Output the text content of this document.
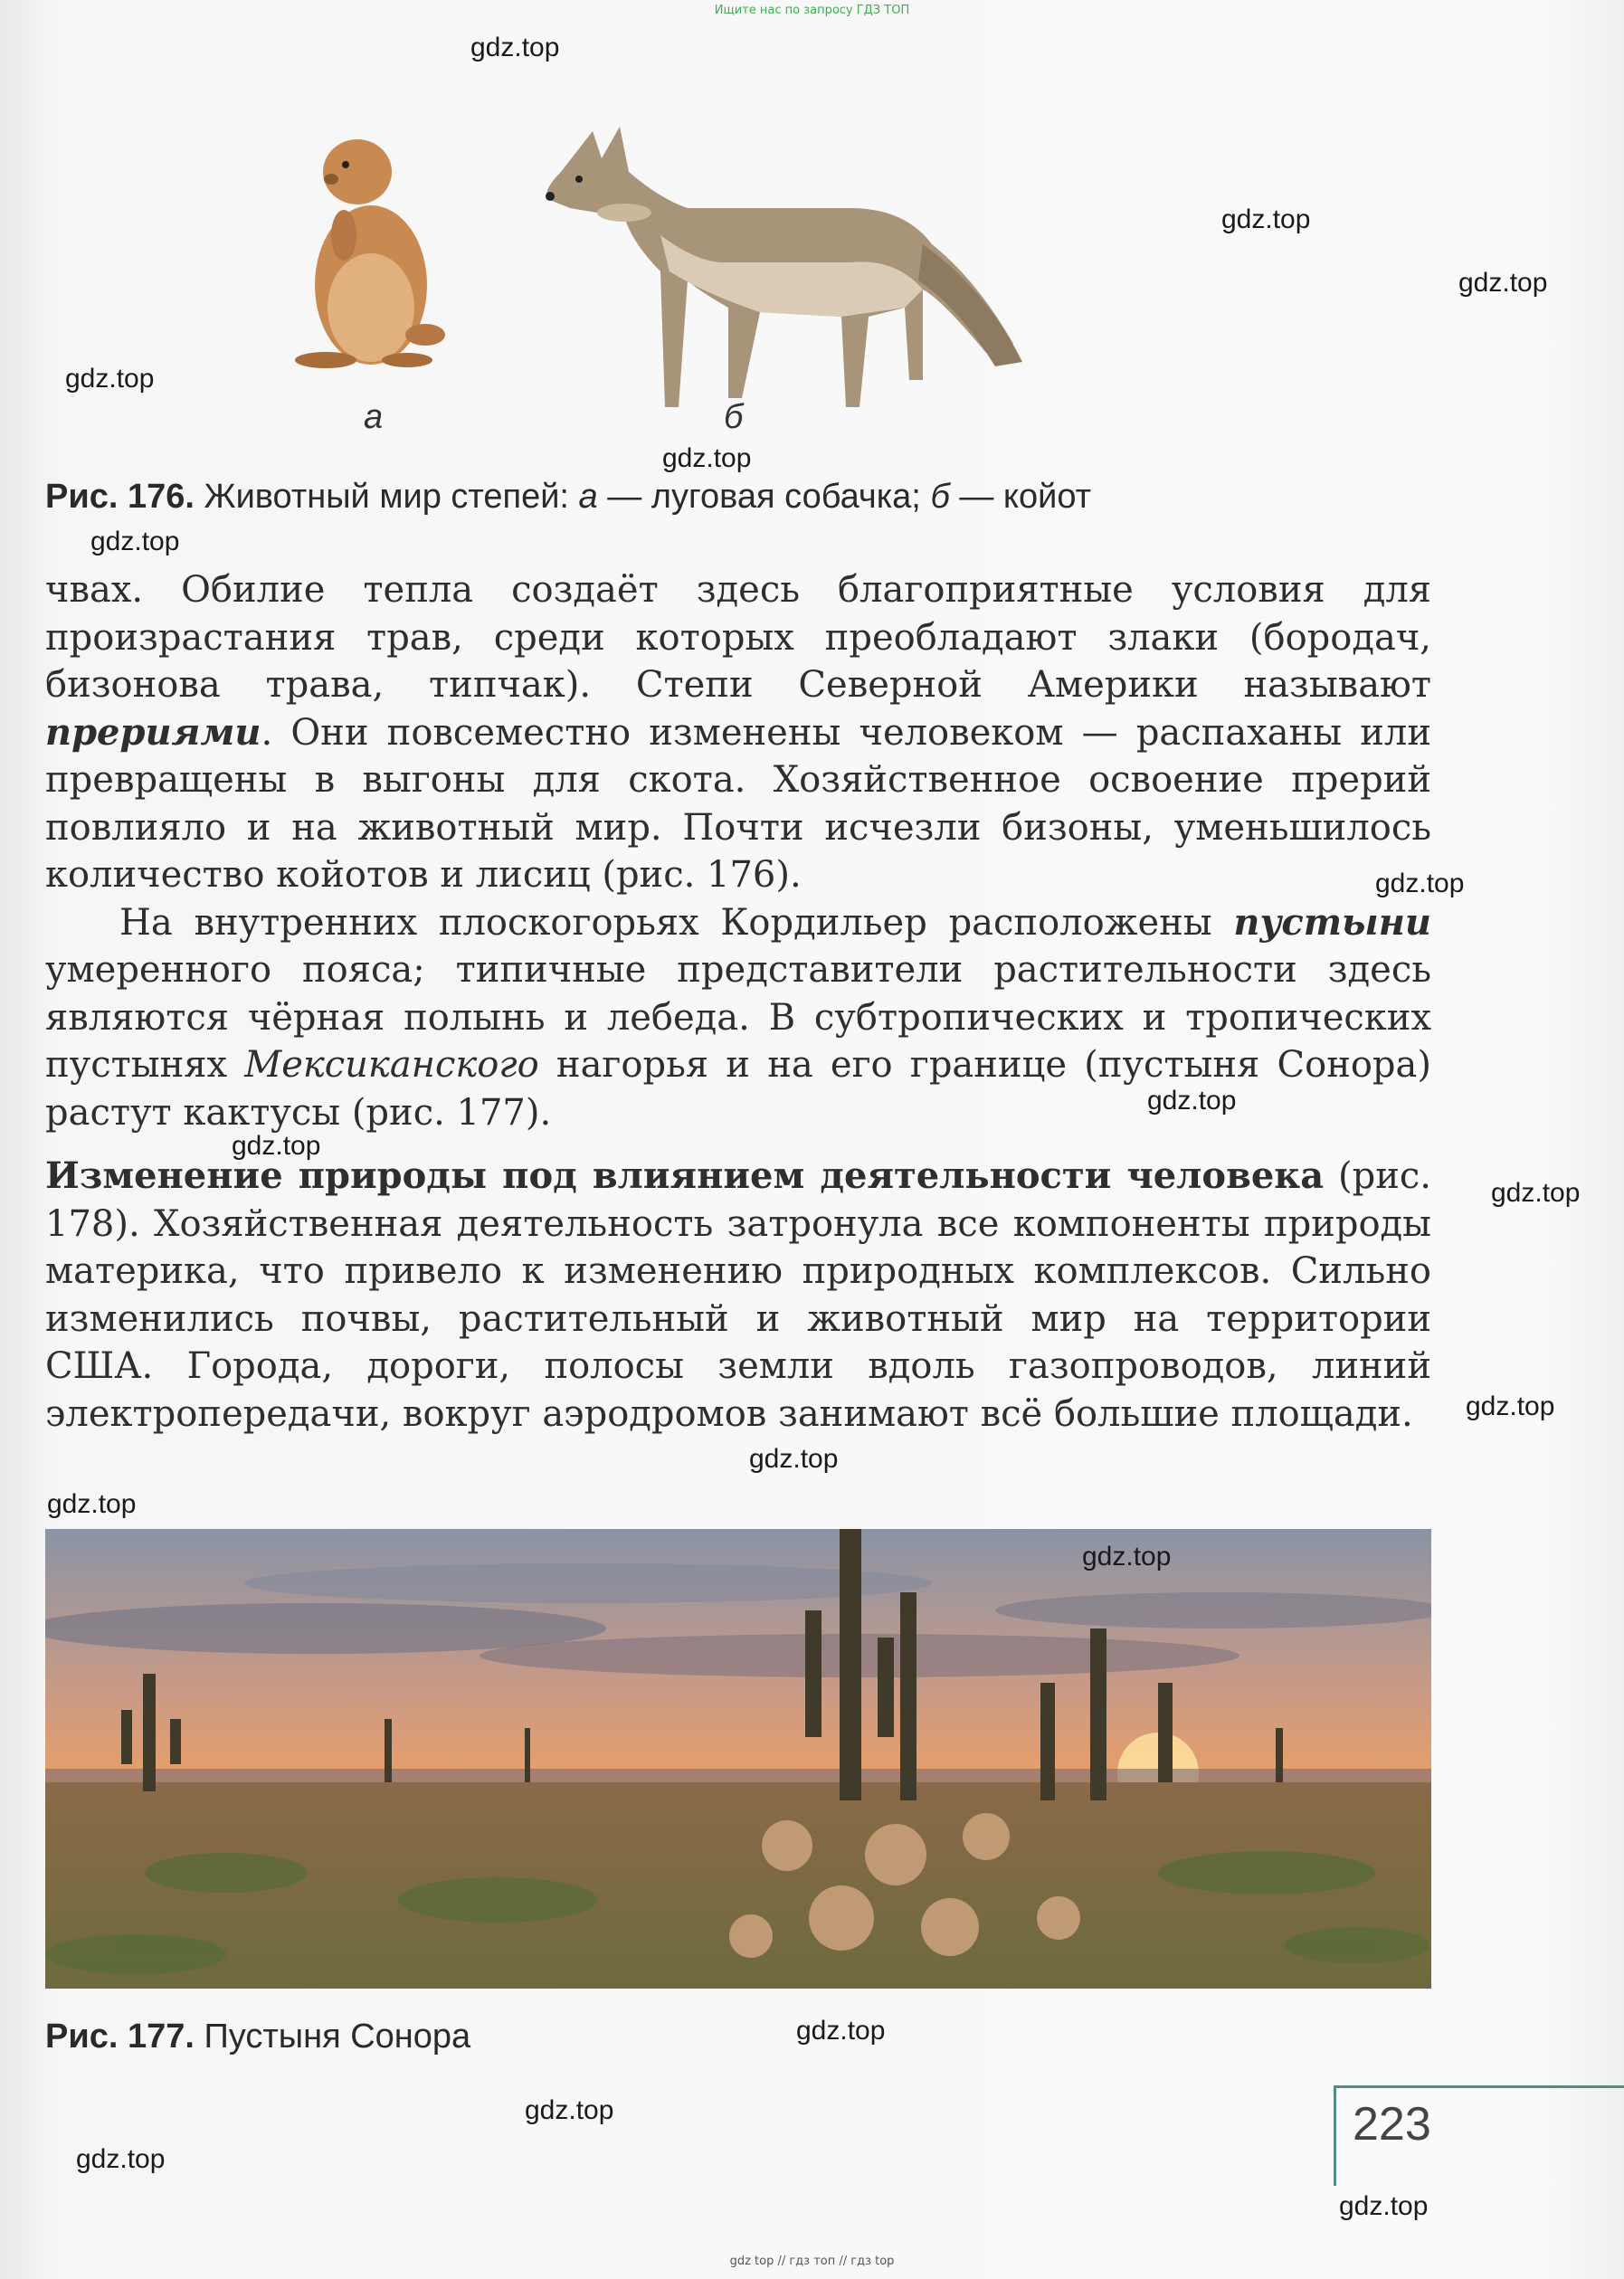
Ищите нас по запросу ГДЗ ТОП
а	б
Рис. 176. Животный мир степей: а — луговая собачка; б — койот

чвах. Обилие тепла создаёт здесь благоприятные условия для произрастания трав, среди которых преобладают злаки (бородач, бизонова трава, типчак). Степи Северной Америки называют прериями. Они повсеместно изменены человеком — распаханы или превращены в выгоны для скота. Хозяйственное освоение прерий повлияло и на животный мир. Почти исчезли бизоны, уменьшилось количество койотов и лисиц (рис. 176).

На внутренних плоскогорьях Кордильер расположены пустыни умеренного пояса; типичные представители растительности здесь являются чёрная полынь и лебеда. В субтропических и тропических пустынях Мексиканского нагорья и на его границе (пустыня Сонора) растут кактусы (рис. 177).

Изменение природы под влиянием деятельности человека (рис. 178). Хозяйственная деятельность затронула все компоненты природы материка, что привело к изменению природных комплексов. Сильно изменились почвы, растительный и животный мир на территории США. Города, дороги, полосы земли вдоль газопроводов, линий электропередачи, вокруг аэродромов занимают всё большие площади.

Рис. 177. Пустыня Сонора
223
gdz.top
gdz.top
gdz.top
gdz.top
gdz.top
gdz.top
gdz.top
gdz.top
gdz.top
gdz.top
gdz.top
gdz.top
gdz.top
gdz.top
gdz.top
gdz.top
gdz.top
gdz.top
gdz top // гдз топ // гдз top
